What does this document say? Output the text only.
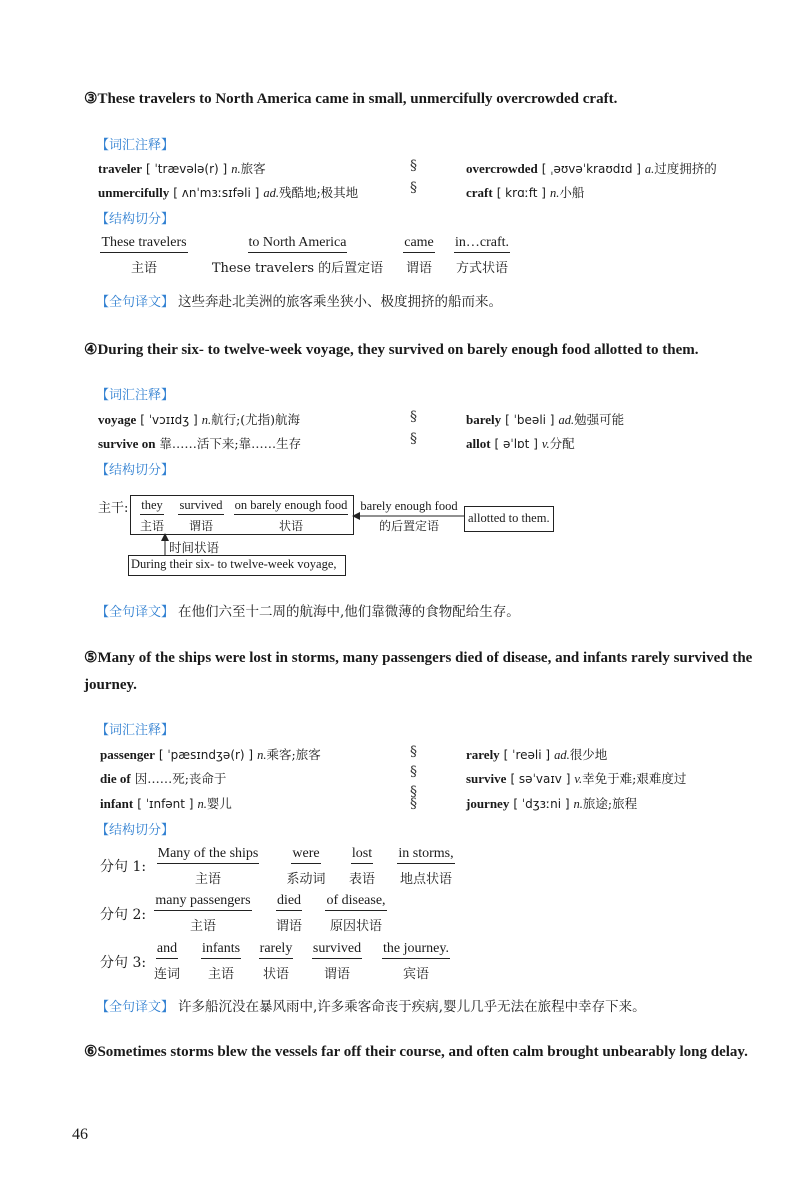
③These travelers to North America came in small, unmercifully overcrowded craft.
【词汇注释】
traveler [ ˈtrævələ(r) ] n.旅客
unmercifully [ ʌnˈmɜːsɪfəli ] ad.残酷地;极其地
§
§
overcrowded [ ˌəʊvəˈkraʊdɪd ] a.过度拥挤的
craft [ krɑːft ] n.小船
【结构切分】
These travelers
主语
to North America
These travelers 的后置定语
came
谓语
in…craft.
方式状语
【全句译文】 这些奔赴北美洲的旅客乘坐狭小、极度拥挤的船而来。
④During their six- to twelve-week voyage, they survived on barely enough food allotted to them.
【词汇注释】
voyage [ ˈvɔɪɪdʒ ] n.航行;(尤指)航海
survive on 靠……活下来;靠……生存
§
§
barely [ ˈbeəli ] ad.勉强可能
allot [ əˈlɒt ] v.分配
【结构切分】
主干:	they
主语
survived
谓语
on barely enough food
状语
barely enough food
的后置定语
allotted to them.
时间状语
During their six- to twelve-week voyage,
【全句译文】 在他们六至十二周的航海中,他们靠微薄的食物配给生存。
⑤Many of the ships were lost in storms, many passengers died of disease, and infants rarely survived the journey.
【词汇注释】
passenger [ ˈpæsɪndʒə(r) ] n.乘客;旅客
die of 因……死;丧命于
infant [ ˈɪnfənt ] n.婴儿
§
§
§
§
rarely [ ˈreəli ] ad.很少地
survive [ səˈvaɪv ] v.幸免于难;艰难度过
journey [ ˈdʒɜːni ] n.旅途;旅程
【结构切分】
分句 1:
Many of the ships
主语
were
系动词
lost
表语
in storms,
地点状语
分句 2:
many passengers
主语
died
谓语
of disease,
原因状语
分句 3:
and
连词
infants
主语
rarely
状语
survived
谓语
the journey.
宾语
【全句译文】 许多船沉没在暴风雨中,许多乘客命丧于疾病,婴儿几乎无法在旅程中幸存下来。
⑥Sometimes storms blew the vessels far off their course, and often calm brought unbearably long delay.
46
